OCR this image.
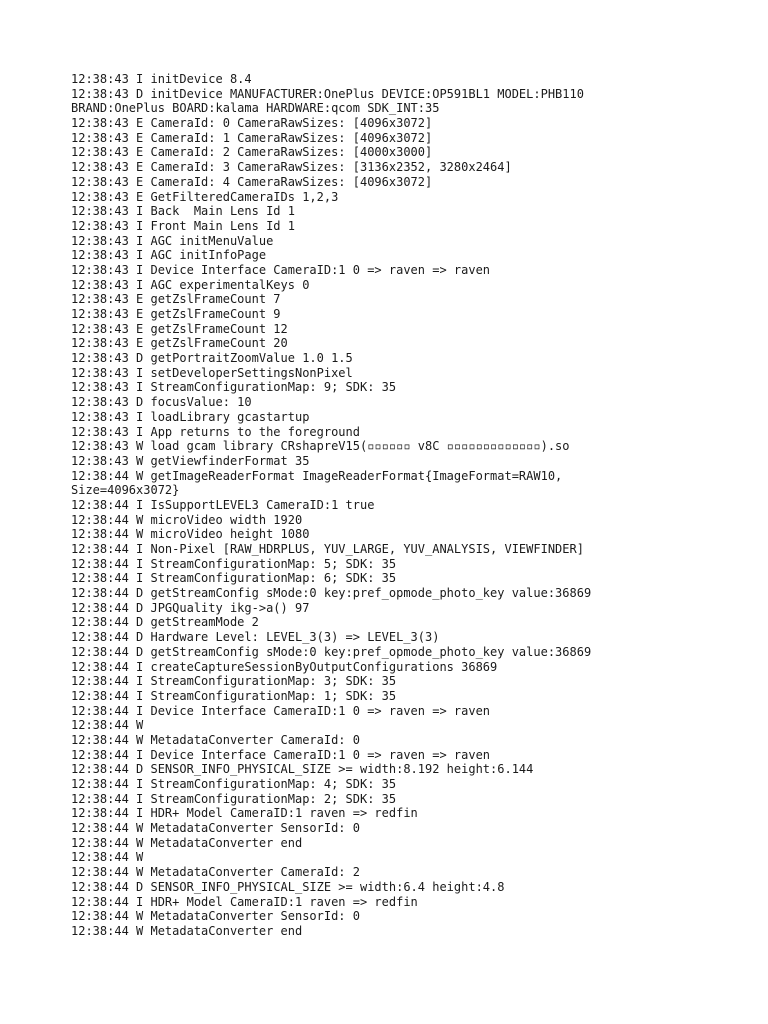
12:38:43 I initDevice 8.4
12:38:43 D initDevice MANUFACTURER:OnePlus DEVICE:OP591BL1 MODEL:PHB110
BRAND:OnePlus BOARD:kalama HARDWARE:qcom SDK_INT:35
12:38:43 E CameraId: 0 CameraRawSizes: [4096x3072]
12:38:43 E CameraId: 1 CameraRawSizes: [4096x3072]
12:38:43 E CameraId: 2 CameraRawSizes: [4000x3000]
12:38:43 E CameraId: 3 CameraRawSizes: [3136x2352, 3280x2464]
12:38:43 E CameraId: 4 CameraRawSizes: [4096x3072]
12:38:43 E GetFilteredCameraIDs 1,2,3
12:38:43 I Back  Main Lens Id 1
12:38:43 I Front Main Lens Id 1
12:38:43 I AGC initMenuValue
12:38:43 I AGC initInfoPage
12:38:43 I Device Interface CameraID:1 0 => raven => raven
12:38:43 I AGC experimentalKeys 0
12:38:43 E getZslFrameCount 7
12:38:43 E getZslFrameCount 9
12:38:43 E getZslFrameCount 12
12:38:43 E getZslFrameCount 20
12:38:43 D getPortraitZoomValue 1.0 1.5
12:38:43 I setDeveloperSettingsNonPixel
12:38:43 I StreamConfigurationMap: 9; SDK: 35
12:38:43 D focusValue: 10
12:38:43 I loadLibrary gcastartup
12:38:43 I App returns to the foreground
12:38:43 W load gcam library CRshapreV15(▫▫▫▫▫▫ v8C ▫▫▫▫▫▫▫▫▫▫▫▫▫).so
12:38:43 W getViewfinderFormat 35
12:38:44 W getImageReaderFormat ImageReaderFormat{ImageFormat=RAW10,
Size=4096x3072}
12:38:44 I IsSupportLEVEL3 CameraID:1 true
12:38:44 W microVideo width 1920
12:38:44 W microVideo height 1080
12:38:44 I Non-Pixel [RAW_HDRPLUS, YUV_LARGE, YUV_ANALYSIS, VIEWFINDER]
12:38:44 I StreamConfigurationMap: 5; SDK: 35
12:38:44 I StreamConfigurationMap: 6; SDK: 35
12:38:44 D getStreamConfig sMode:0 key:pref_opmode_photo_key value:36869
12:38:44 D JPGQuality ikg->a() 97
12:38:44 D getStreamMode 2
12:38:44 D Hardware Level: LEVEL_3(3) => LEVEL_3(3)
12:38:44 D getStreamConfig sMode:0 key:pref_opmode_photo_key value:36869
12:38:44 I createCaptureSessionByOutputConfigurations 36869
12:38:44 I StreamConfigurationMap: 3; SDK: 35
12:38:44 I StreamConfigurationMap: 1; SDK: 35
12:38:44 I Device Interface CameraID:1 0 => raven => raven
12:38:44 W
12:38:44 W MetadataConverter CameraId: 0
12:38:44 I Device Interface CameraID:1 0 => raven => raven
12:38:44 D SENSOR_INFO_PHYSICAL_SIZE >= width:8.192 height:6.144
12:38:44 I StreamConfigurationMap: 4; SDK: 35
12:38:44 I StreamConfigurationMap: 2; SDK: 35
12:38:44 I HDR+ Model CameraID:1 raven => redfin
12:38:44 W MetadataConverter SensorId: 0
12:38:44 W MetadataConverter end
12:38:44 W
12:38:44 W MetadataConverter CameraId: 2
12:38:44 D SENSOR_INFO_PHYSICAL_SIZE >= width:6.4 height:4.8
12:38:44 I HDR+ Model CameraID:1 raven => redfin
12:38:44 W MetadataConverter SensorId: 0
12:38:44 W MetadataConverter end
